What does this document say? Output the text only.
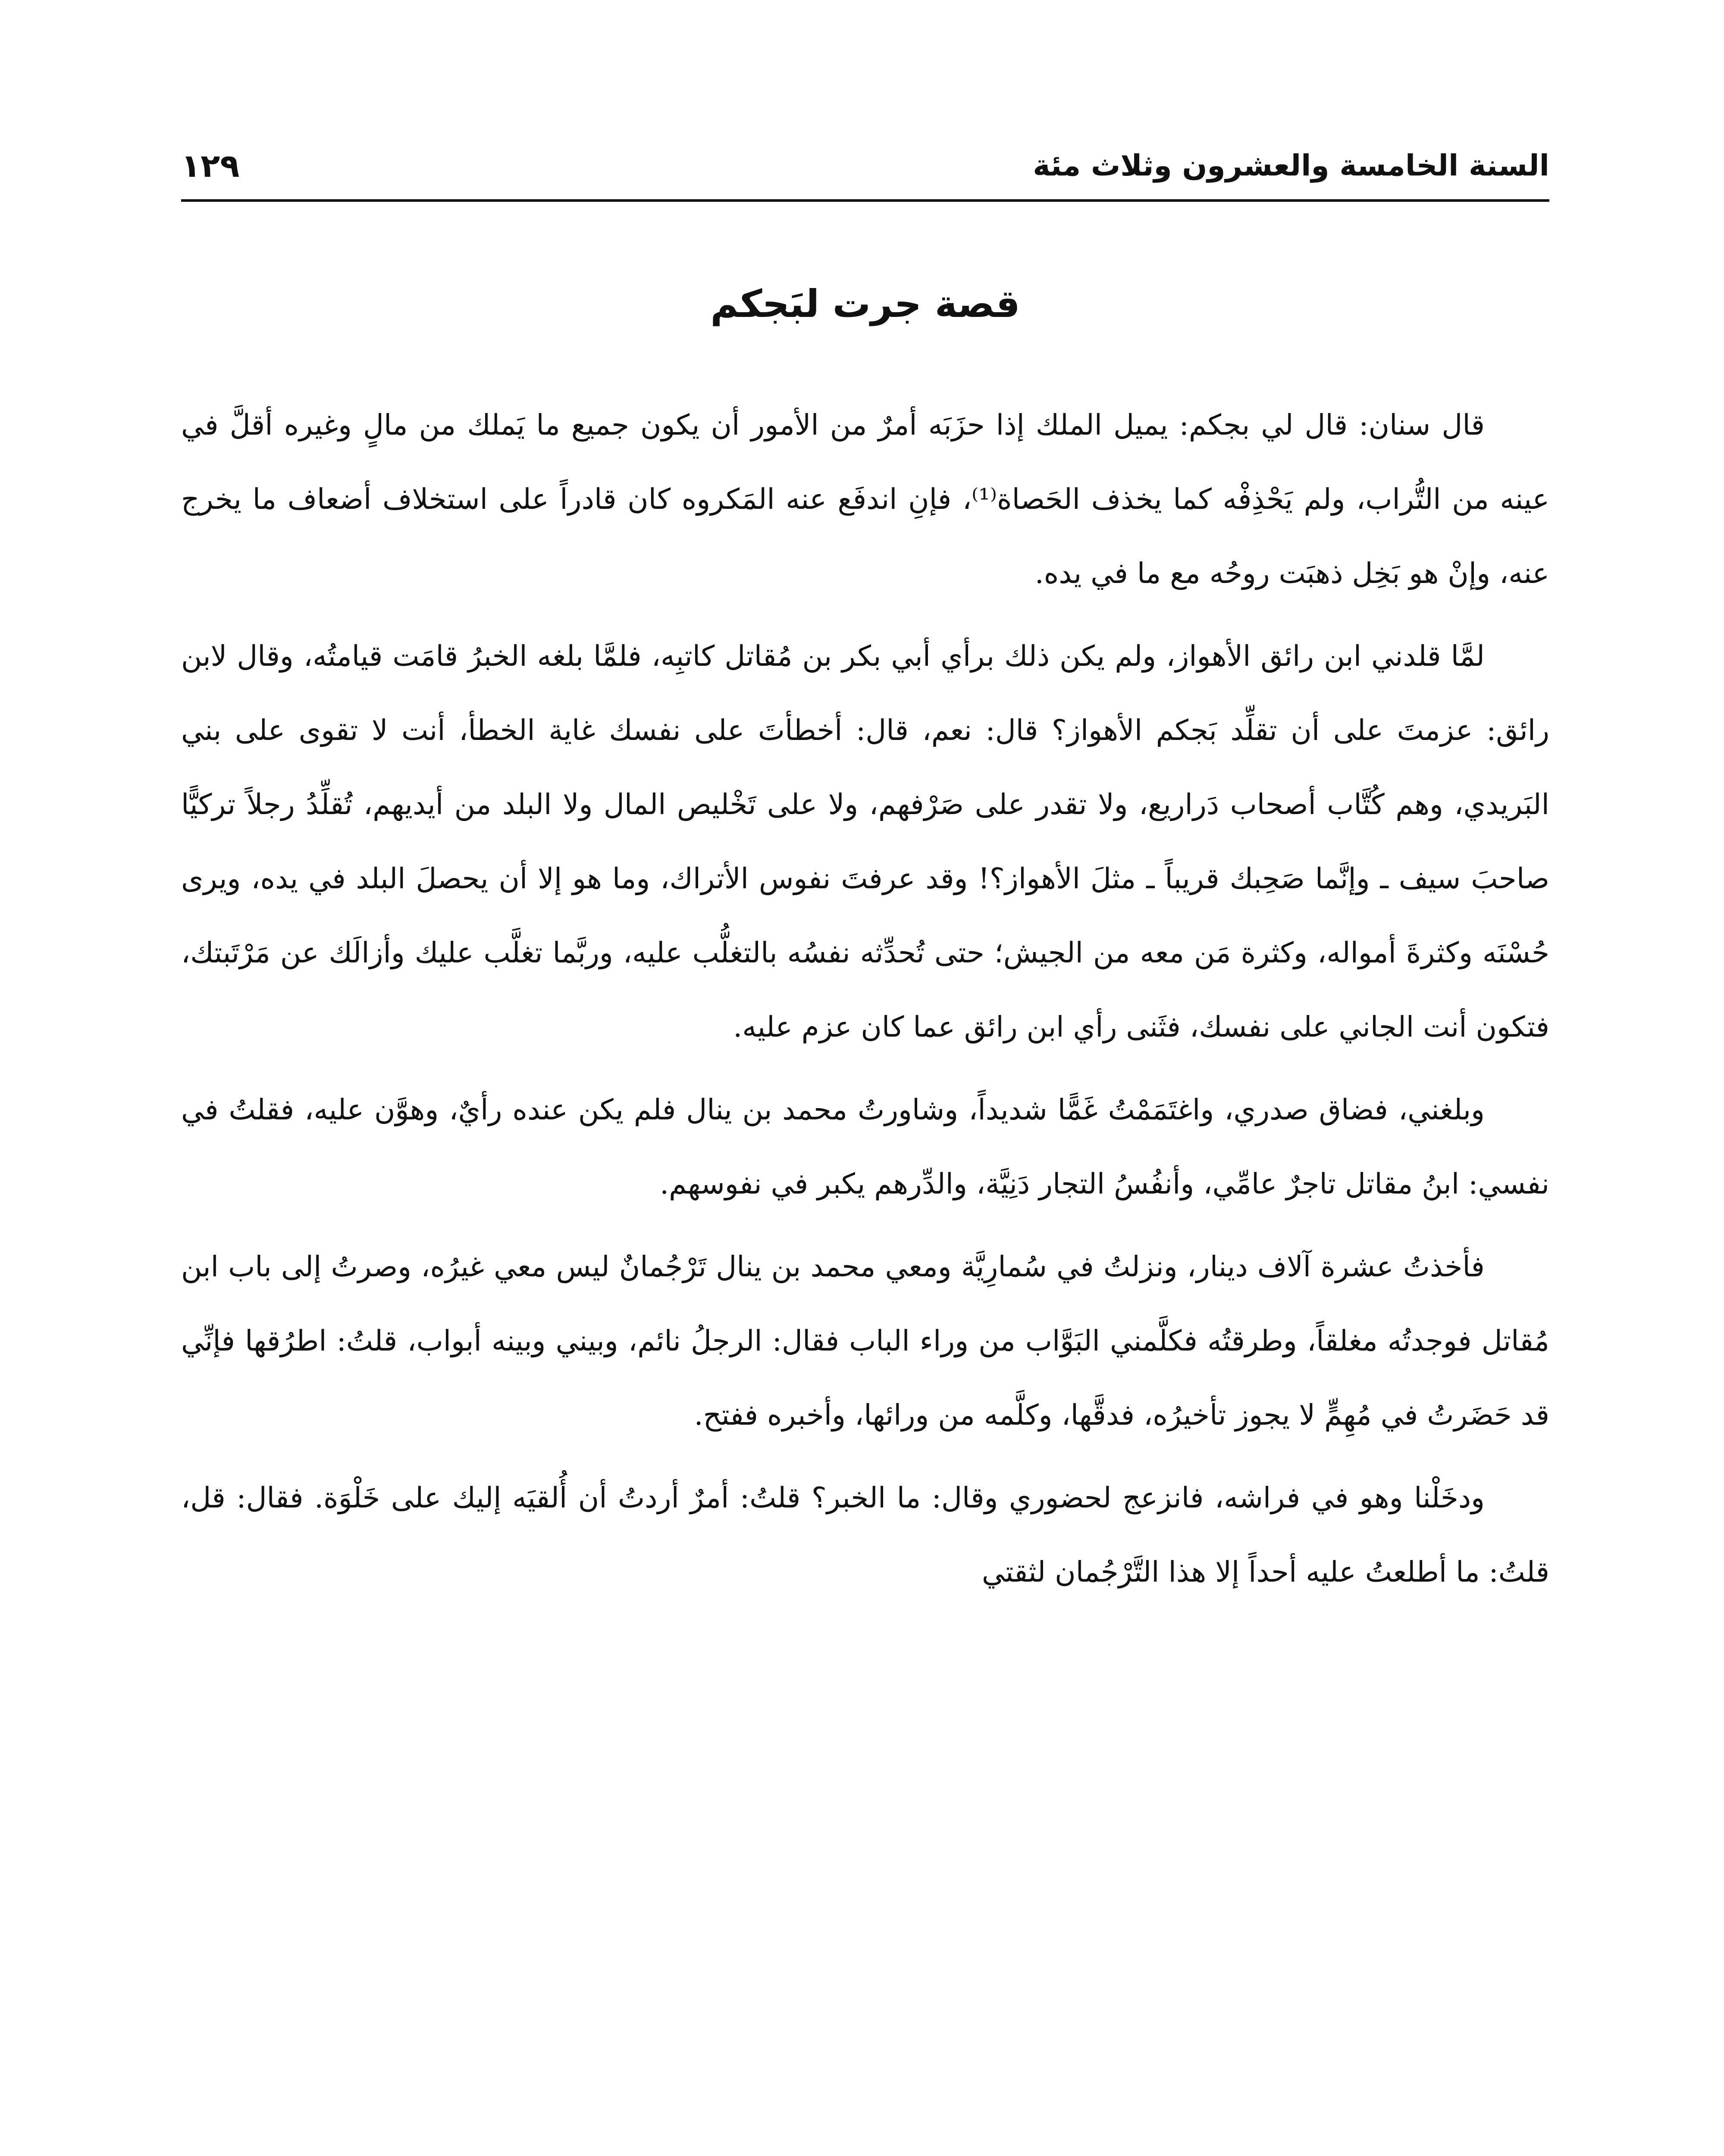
السنة الخامسة والعشرون وثلاث مئة
١٢٩
قصة جرت لبَجكم

قال سنان: قال لي بجكم: يميل الملك إذا حزَبَه أمرٌ من الأمور أن يكون جميع ما يَملك من مالٍ وغيره أقلَّ في عينه من التُّراب، ولم يَحْذِفْه كما يخذف الحَصاة⁽¹⁾، فإنِ اندفَع عنه المَكروه كان قادراً على استخلاف أضعاف ما يخرج عنه، وإنْ هو بَخِل ذهبَت روحُه مع ما في يده.

لمَّا قلدني ابن رائق الأهواز، ولم يكن ذلك برأي أبي بكر بن مُقاتل كاتبِه، فلمَّا بلغه الخبرُ قامَت قيامتُه، وقال لابن رائق: عزمتَ على أن تقلِّد بَجكم الأهواز؟ قال: نعم، قال: أخطأتَ على نفسك غاية الخطأ، أنت لا تقوى على بني البَريدي، وهم كُتَّاب أصحاب دَراريع، ولا تقدر على صَرْفهم، ولا على تَخْليص المال ولا البلد من أيديهم، تُقلِّدُ رجلاً تركيًّا صاحبَ سيف ـ وإنَّما صَحِبك قريباً ـ مثلَ الأهواز؟! وقد عرفتَ نفوس الأتراك، وما هو إلا أن يحصلَ البلد في يده، ويرى حُسْنَه وكثرةَ أمواله، وكثرة مَن معه من الجيش؛ حتى تُحدِّثه نفسُه بالتغلُّب عليه، وربَّما تغلَّب عليك وأزالَك عن مَرْتَبتك، فتكون أنت الجاني على نفسك، فثَنى رأي ابن رائق عما كان عزم عليه.

وبلغني، فضاق صدري، واغتَمَمْتُ غَمًّا شديداً، وشاورتُ محمد بن ينال فلم يكن عنده رأيٌ، وهوَّن عليه، فقلتُ في نفسي: ابنُ مقاتل تاجرٌ عامِّي، وأنفُسُ التجار دَنِيَّة، والدِّرهم يكبر في نفوسهم.

فأخذتُ عشرة آلاف دينار، ونزلتُ في سُمارِيَّة ومعي محمد بن ينال تَرْجُمانٌ ليس معي غيرُه، وصرتُ إلى باب ابن مُقاتل فوجدتُه مغلقاً، وطرقتُه فكلَّمني البَوَّاب من وراء الباب فقال: الرجلُ نائم، وبيني وبينه أبواب، قلتُ: اطرُقها فإنِّي قد حَضَرتُ في مُهِمٍّ لا يجوز تأخيرُه، فدقَّها، وكلَّمه من ورائها، وأخبره ففتح.

ودخَلْنا وهو في فراشه، فانزعج لحضوري وقال: ما الخبر؟ قلتُ: أمرٌ أردتُ أن أُلقيَه إليك على خَلْوَة. فقال: قل، قلتُ: ما أطلعتُ عليه أحداً إلا هذا التَّرْجُمان لثقتي
